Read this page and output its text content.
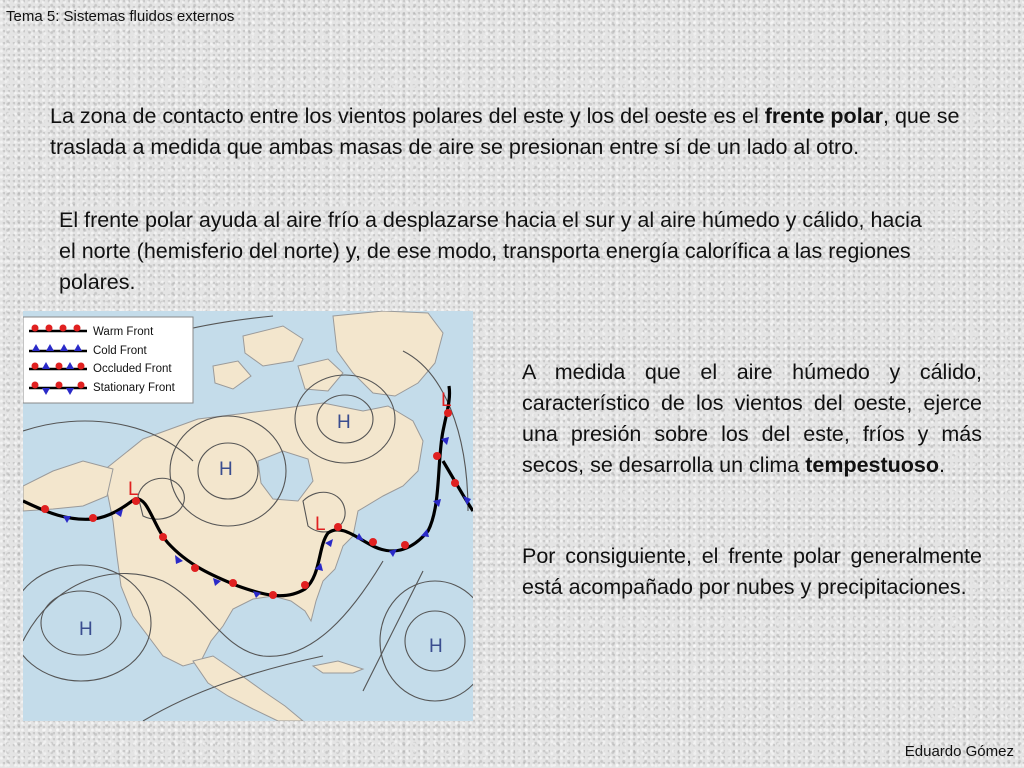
Tema 5: Sistemas fluidos externos
La zona de contacto entre los vientos polares del este y los del oeste es el frente polar, que se traslada a medida que ambas masas de aire se presionan entre sí de un lado al otro.
El frente polar ayuda al aire frío a desplazarse hacia el sur y al aire húmedo y cálido, hacia el norte (hemisferio del norte) y, de ese modo, transporta energía calorífica a las regiones polares.
A medida que el aire húmedo y cálido, característico de los vientos del oeste, ejerce una presión sobre los del este, fríos y más secos, se desarrolla un clima tempestuoso.
Por consiguiente, el frente polar generalmente está acompañado por nubes y precipitaciones.
H
H
L
L
L
H
H
Warm Front
Cold Front
Occluded Front
Stationary Front
Eduardo Gómez
